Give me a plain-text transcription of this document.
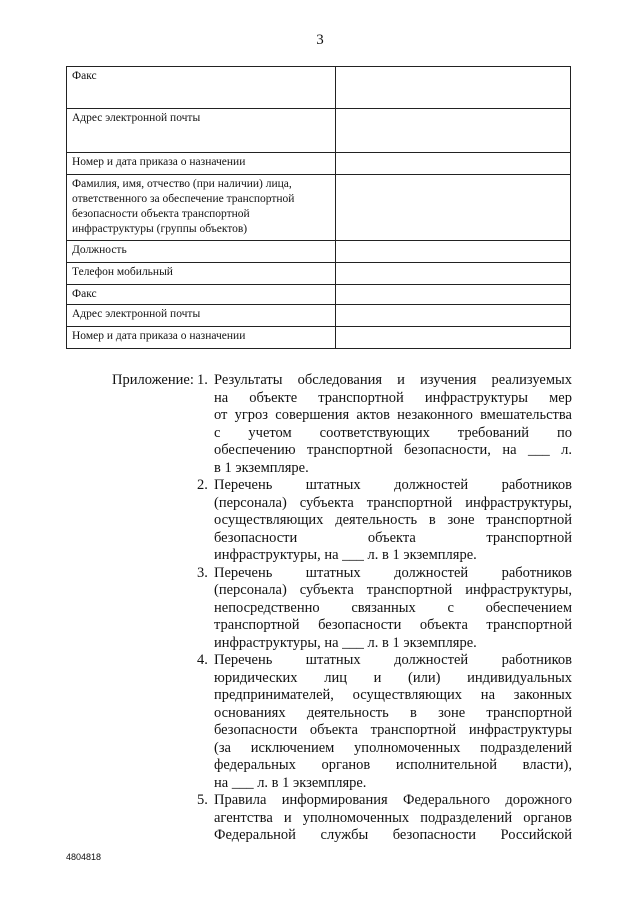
3
Факс	
Адрес электронной почты	
Номер и дата приказа о назначении	
Фамилия, имя, отчество (при наличии) лица, ответственного за обеспечение транспортной безопасности объекта транспортной инфраструктуры (группы объектов)	
Должность	
Телефон мобильный	
Факс	
Адрес электронной почты	
Номер и дата приказа о назначении	
Приложение: 1. Результаты обследования и изучения реализуемых
на объекте транспортной инфраструктуры мер
от угроз совершения актов незаконного вмешательства
с учетом соответствующих требований по
обеспечению транспортной безопасности, на ___ л.
в 1 экземпляре.
2. Перечень штатных должностей работников
(персонала) субъекта транспортной инфраструктуры,
осуществляющих деятельность в зоне транспортной
безопасности объекта транспортной
инфраструктуры, на ___ л. в 1 экземпляре.
3. Перечень штатных должностей работников
(персонала) субъекта транспортной инфраструктуры,
непосредственно связанных с обеспечением
транспортной безопасности объекта транспортной
инфраструктуры, на ___ л. в 1 экземпляре.
4. Перечень штатных должностей работников
юридических лиц и (или) индивидуальных
предпринимателей, осуществляющих на законных
основаниях деятельность в зоне транспортной
безопасности объекта транспортной инфраструктуры
(за исключением уполномоченных подразделений
федеральных органов исполнительной власти),
на ___ л. в 1 экземпляре.
5. Правила информирования Федерального дорожного
агентства и уполномоченных подразделений органов
Федеральной службы безопасности Российской
4804818
